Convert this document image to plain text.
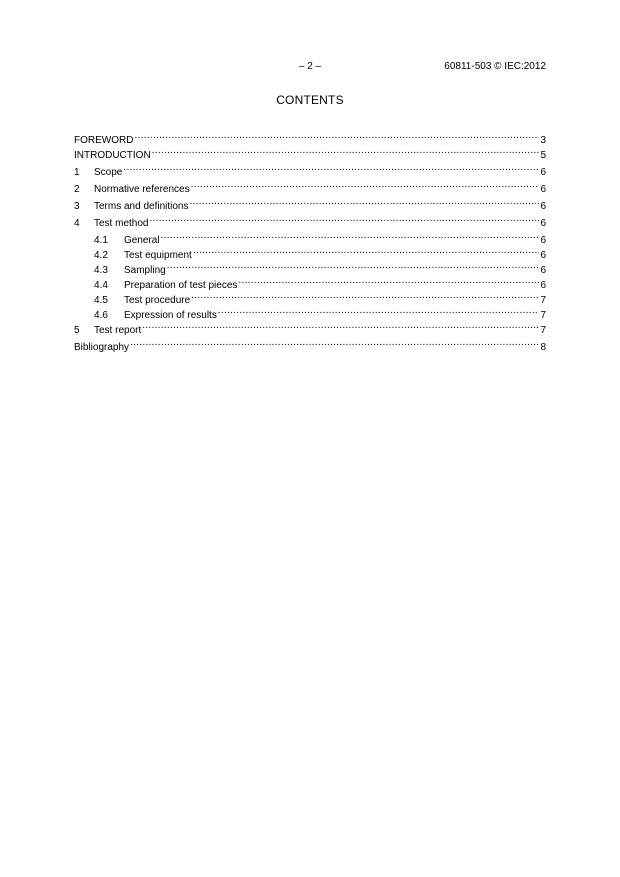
– 2 –	60811-503 © IEC:2012
CONTENTS
FOREWORD .....	3
INTRODUCTION .....	5
1	Scope .....	6
2	Normative references .....	6
3	Terms and definitions .....	6
4	Test method .....	6
4.1	General .....	6
4.2	Test equipment .....	6
4.3	Sampling .....	6
4.4	Preparation of test pieces .....	6
4.5	Test procedure .....	7
4.6	Expression of results .....	7
5	Test report .....	7
Bibliography .....	8
